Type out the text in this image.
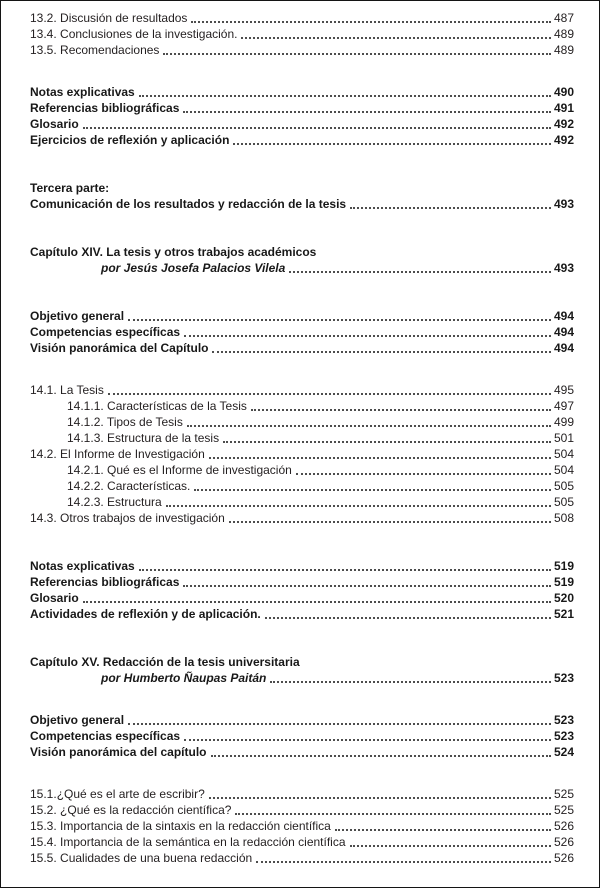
13.2. Discusión de resultados	487
13.4. Conclusiones de la investigación.	489
13.5. Recomendaciones	489
Notas explicativas	490
Referencias bibliográficas	491
Glosario	492
Ejercicios de reflexión y aplicación	492
Tercera parte:
Comunicación de los resultados y redacción de la tesis	493
Capítulo XIV. La tesis y otros trabajos académicos
por Jesús Josefa Palacios Vilela	493
Objetivo general	494
Competencias específicas	494
Visión panorámica del Capítulo	494
14.1. La Tesis	495
14.1.1. Características de la Tesis	497
14.1.2. Tipos de Tesis	499
14.1.3. Estructura de la tesis	501
14.2. El Informe de Investigación	504
14.2.1. Qué es el Informe de investigación	504
14.2.2. Características.	505
14.2.3. Estructura	505
14.3. Otros trabajos de investigación	508
Notas explicativas	519
Referencias bibliográficas	519
Glosario	520
Actividades de reflexión y de aplicación.	521
Capítulo XV. Redacción de la tesis universitaria
por Humberto Ñaupas Paitán	523
Objetivo general	523
Competencias específicas	523
Visión panorámica del capítulo	524
15.1.¿Qué es el arte de escribir?	525
15.2. ¿Qué es la redacción científica?	525
15.3. Importancia de la sintaxis en la redacción científica	526
15.4. Importancia de la semántica en la redacción científica	526
15.5. Cualidades de una buena redacción	526
